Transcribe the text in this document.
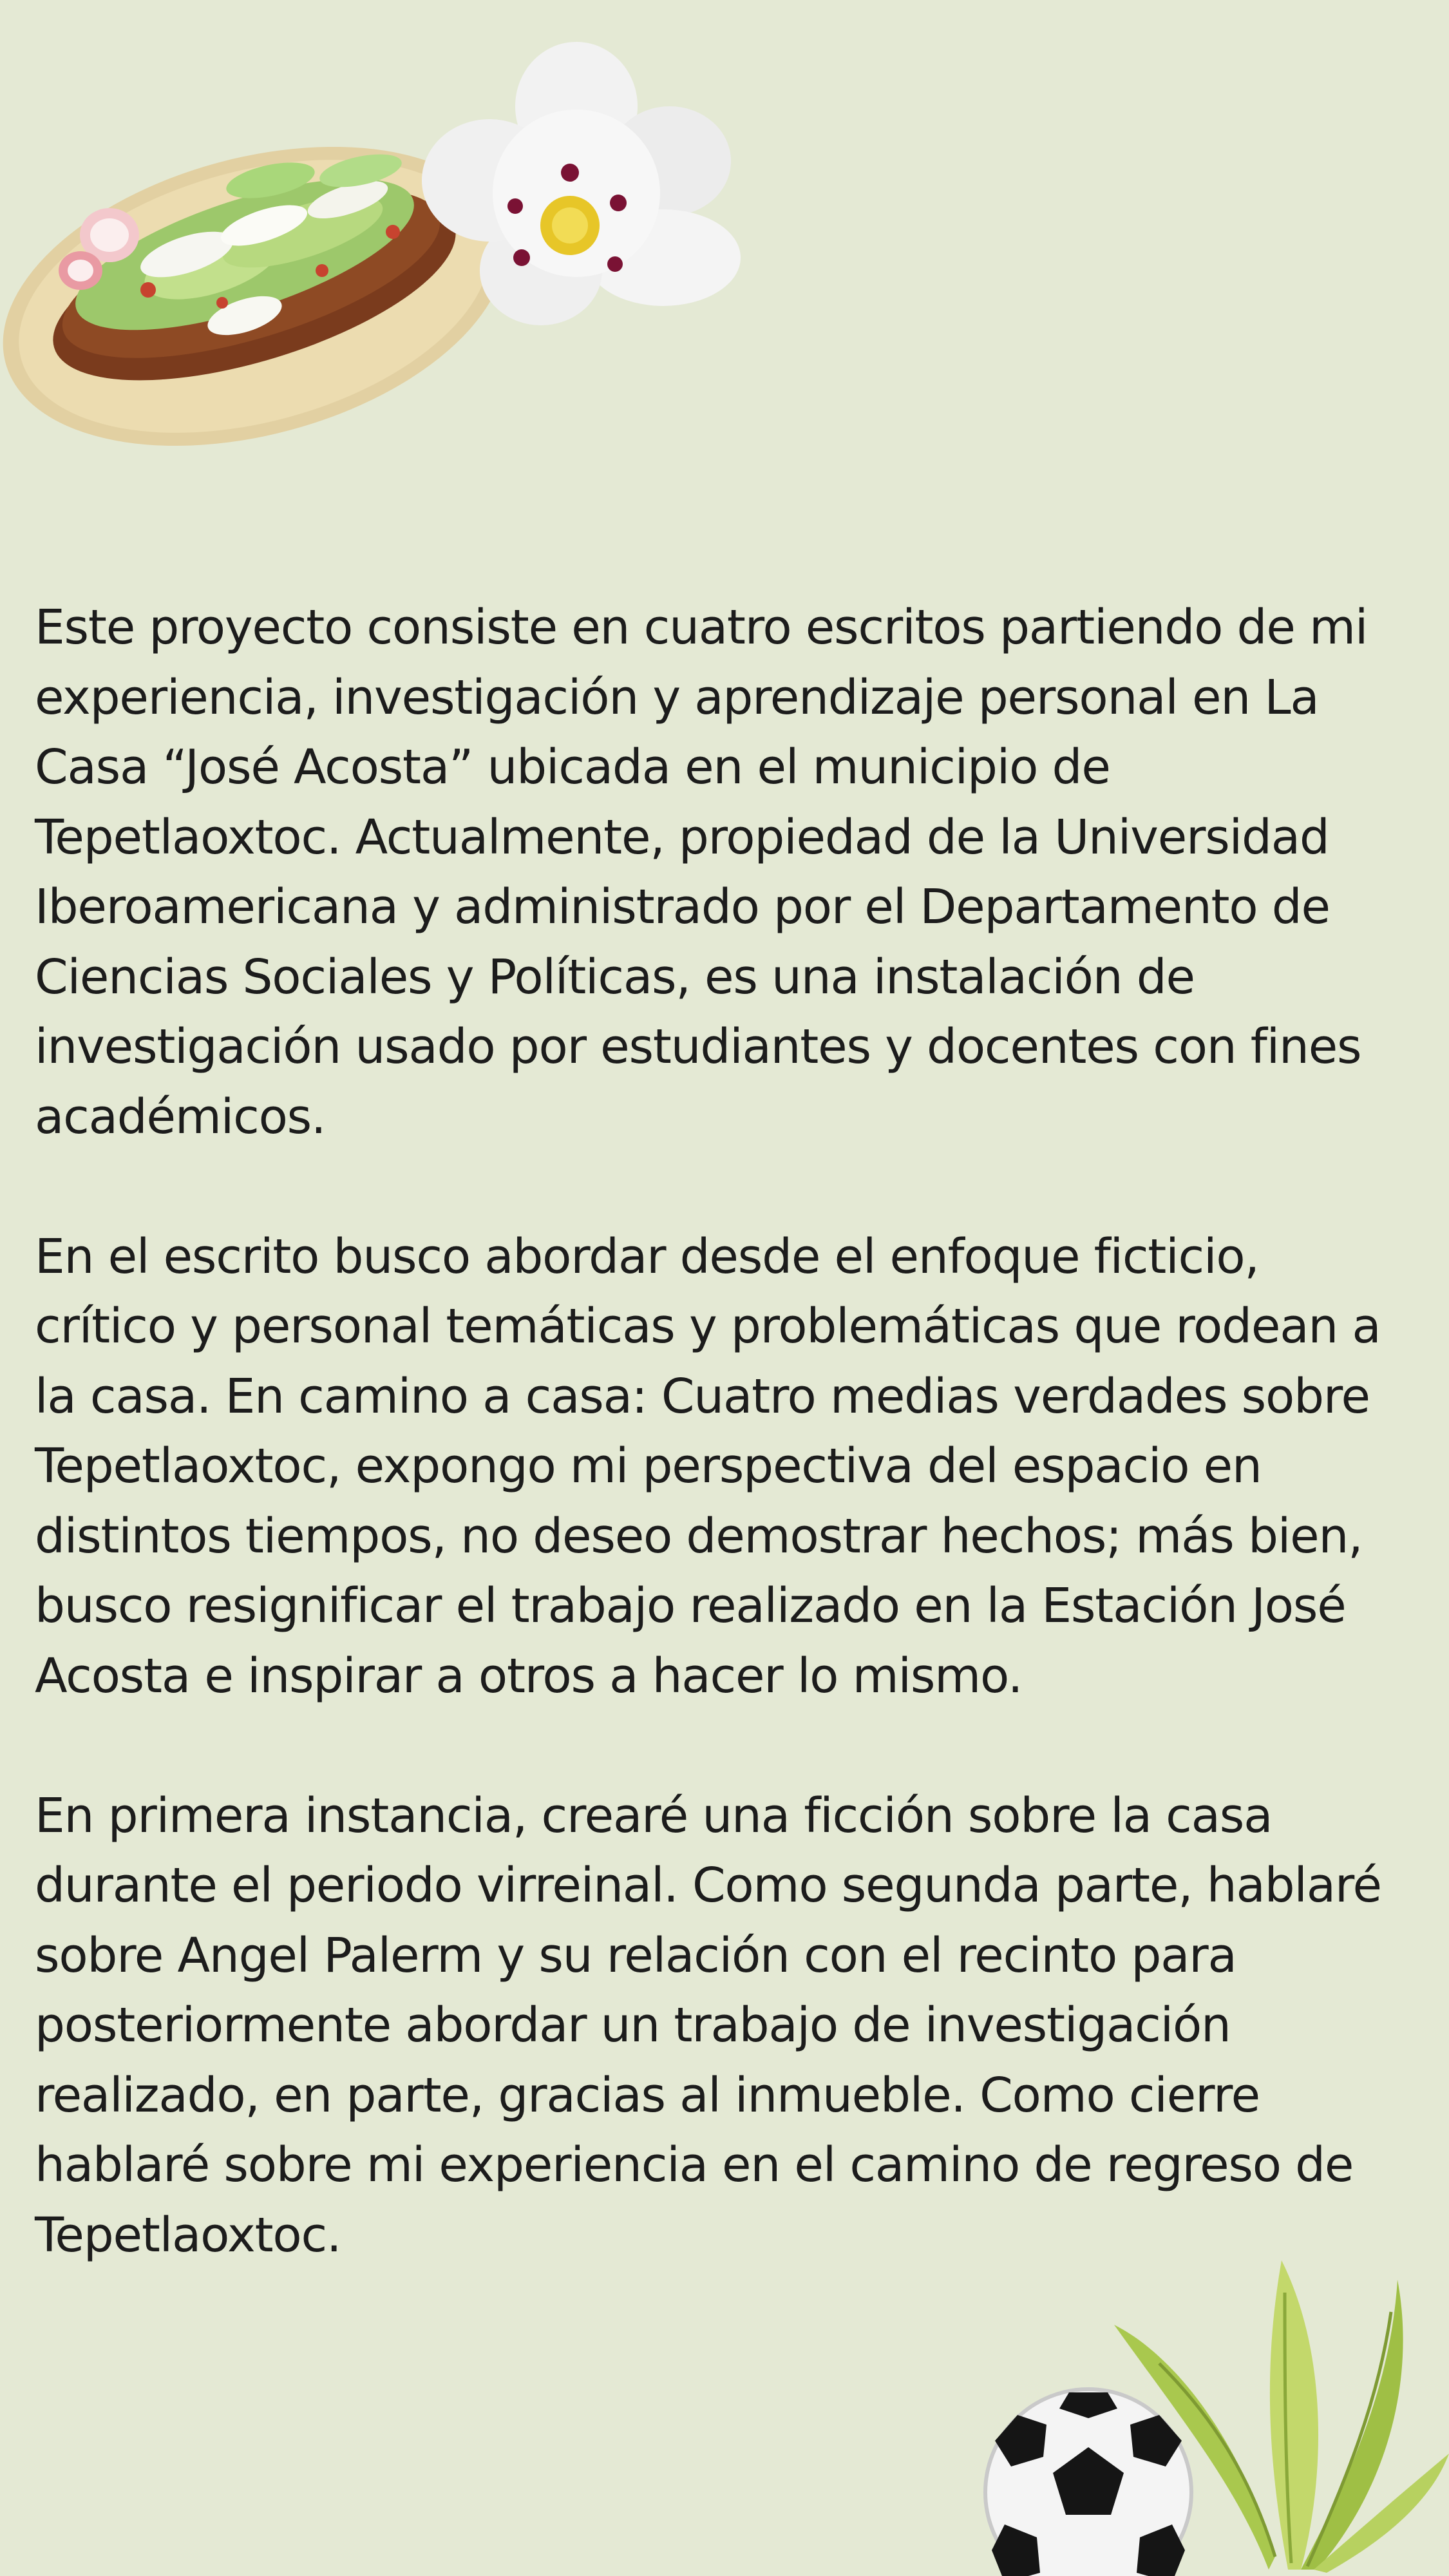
Este proyecto consiste en cuatro escritos partiendo de mi
experiencia, investigación y aprendizaje personal en La
Casa “José Acosta” ubicada en el municipio de
Tepetlaoxtoc. Actualmente, propiedad de la Universidad
Iberoamericana y administrado por el Departamento de
Ciencias Sociales y Políticas, es una instalación de
investigación usado por estudiantes y docentes con fines
académicos.

En el escrito busco abordar desde el enfoque ficticio,
crítico y personal temáticas y problemáticas que rodean a
la casa. En camino a casa: Cuatro medias verdades sobre
Tepetlaoxtoc, expongo mi perspectiva del espacio en
distintos tiempos, no deseo demostrar hechos; más bien,
busco resignificar el trabajo realizado en la Estación José
Acosta e inspirar a otros a hacer lo mismo.

En primera instancia, crearé una ficción sobre la casa
durante el periodo virreinal. Como segunda parte, hablaré
sobre Angel Palerm y su relación con el recinto para
posteriormente abordar un trabajo de investigación
realizado, en parte, gracias al inmueble. Como cierre
hablaré sobre mi experiencia en el camino de regreso de
Tepetlaoxtoc.
